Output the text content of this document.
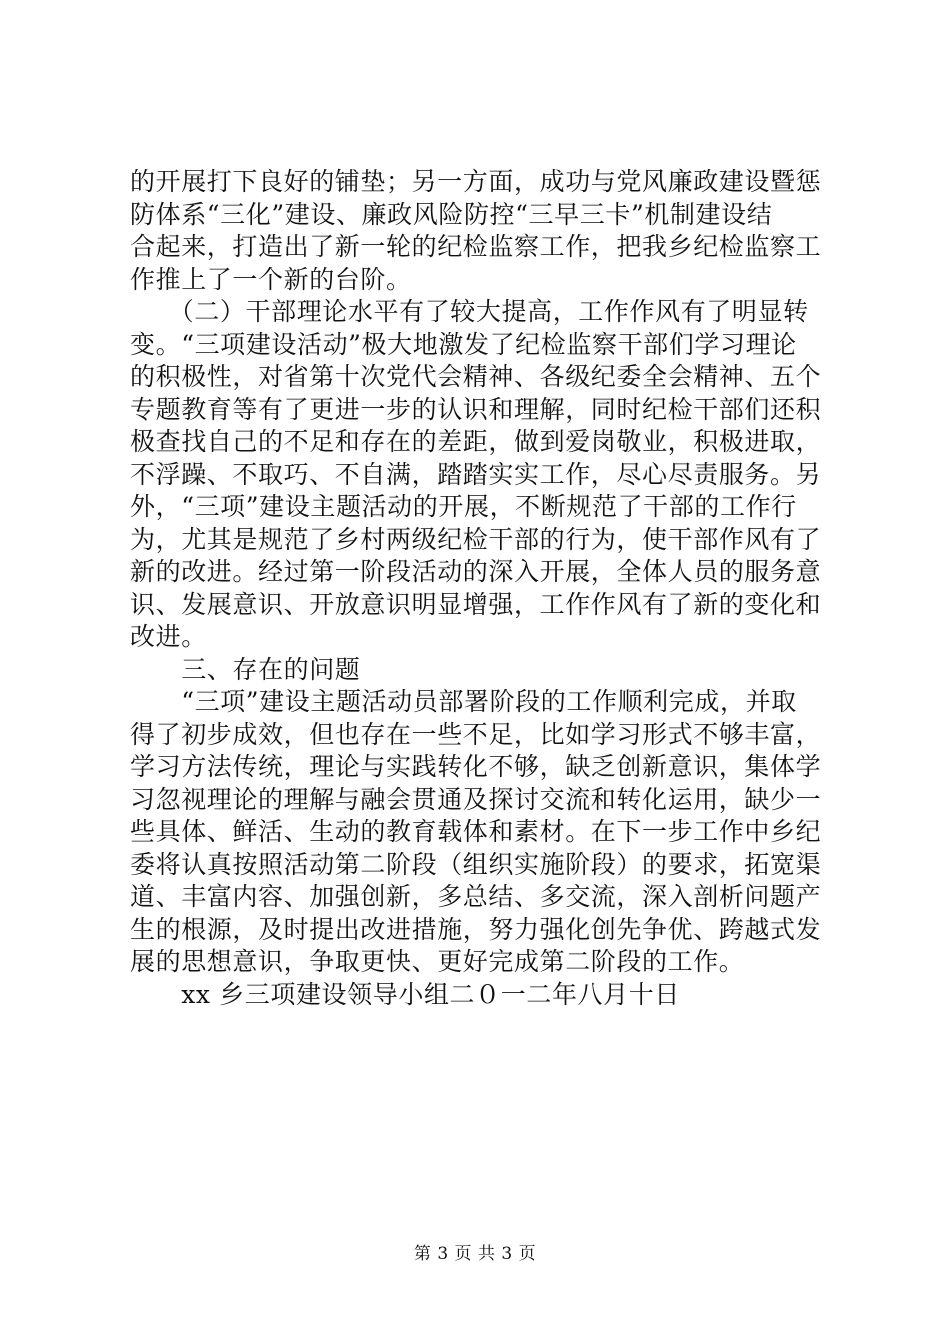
的开展打下良好的铺垫；另一方面，成功与党风廉政建设暨惩
防体系“三化”建设、廉政风险防控“三早三卡”机制建设结
合起来，打造出了新一轮的纪检监察工作，把我乡纪检监察工
作推上了一个新的台阶。
　　（二）干部理论水平有了较大提高，工作作风有了明显转
变。“三项建设活动”极大地激发了纪检监察干部们学习理论
的积极性，对省第十次党代会精神、各级纪委全会精神、五个
专题教育等有了更进一步的认识和理解，同时纪检干部们还积
极查找自己的不足和存在的差距，做到爱岗敬业，积极进取，
不浮躁、不取巧、不自满，踏踏实实工作，尽心尽责服务。另
外，“三项”建设主题活动的开展，不断规范了干部的工作行
为，尤其是规范了乡村两级纪检干部的行为，使干部作风有了
新的改进。经过第一阶段活动的深入开展，全体人员的服务意
识、发展意识、开放意识明显增强，工作作风有了新的变化和
改进。
　　三、存在的问题
　　“三项”建设主题活动员部署阶段的工作顺利完成，并取
得了初步成效，但也存在一些不足，比如学习形式不够丰富，
学习方法传统，理论与实践转化不够，缺乏创新意识，集体学
习忽视理论的理解与融会贯通及探讨交流和转化运用，缺少一
些具体、鲜活、生动的教育载体和素材。在下一步工作中乡纪
委将认真按照活动第二阶段（组织实施阶段）的要求，拓宽渠
道、丰富内容、加强创新，多总结、多交流，深入剖析问题产
生的根源，及时提出改进措施，努力强化创先争优、跨越式发
展的思想意识，争取更快、更好完成第二阶段的工作。
　　xx 乡三项建设领导小组二０一二年八月十日
第 3 页 共 3 页
